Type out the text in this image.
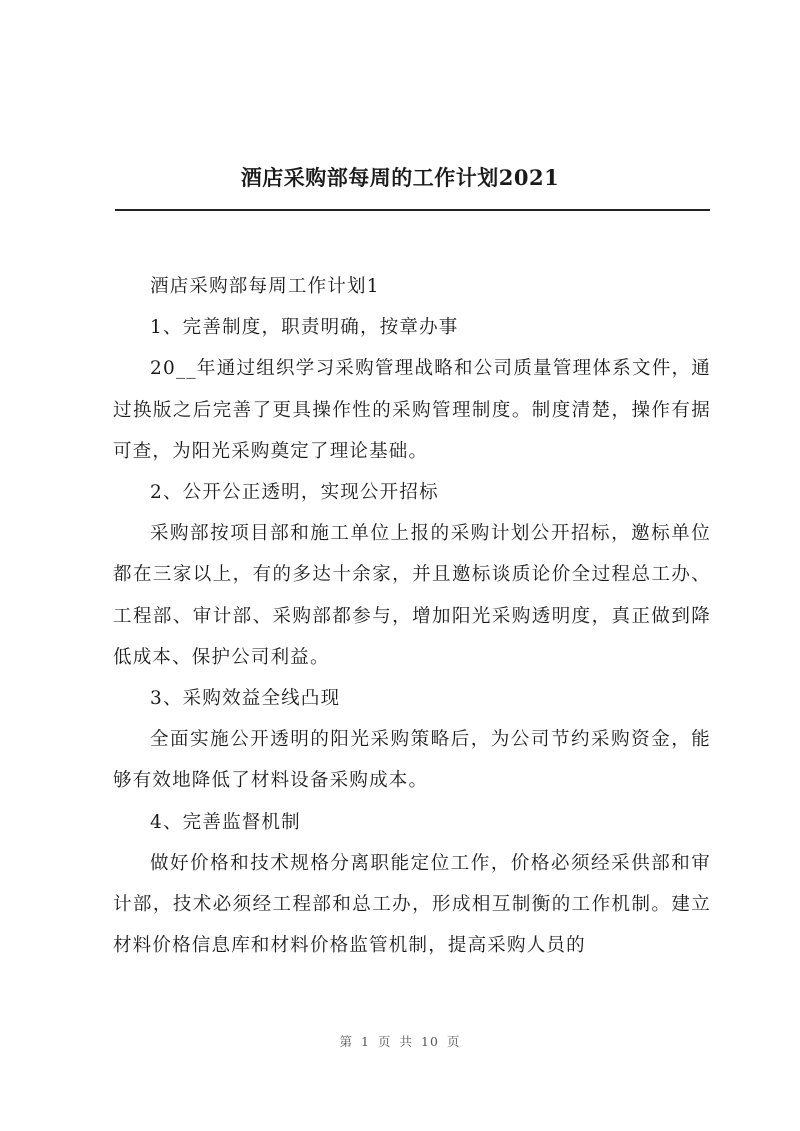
酒店采购部每周的工作计划2021

酒店采购部每周工作计划1

1、完善制度，职责明确，按章办事

20__年通过组织学习采购管理战略和公司质量管理体系文件，通过换版之后完善了更具操作性的采购管理制度。制度清楚，操作有据可查，为阳光采购奠定了理论基础。

2、公开公正透明，实现公开招标

采购部按项目部和施工单位上报的采购计划公开招标，邀标单位都在三家以上，有的多达十余家，并且邀标谈质论价全过程总工办、工程部、审计部、采购部都参与，增加阳光采购透明度，真正做到降低成本、保护公司利益。

3、采购效益全线凸现

全面实施公开透明的阳光采购策略后，为公司节约采购资金，能够有效地降低了材料设备采购成本。

4、完善监督机制

做好价格和技术规格分离职能定位工作，价格必须经采供部和审计部，技术必须经工程部和总工办，形成相互制衡的工作机制。建立材料价格信息库和材料价格监管机制，提高采购人员的

第 1 页 共 10 页
